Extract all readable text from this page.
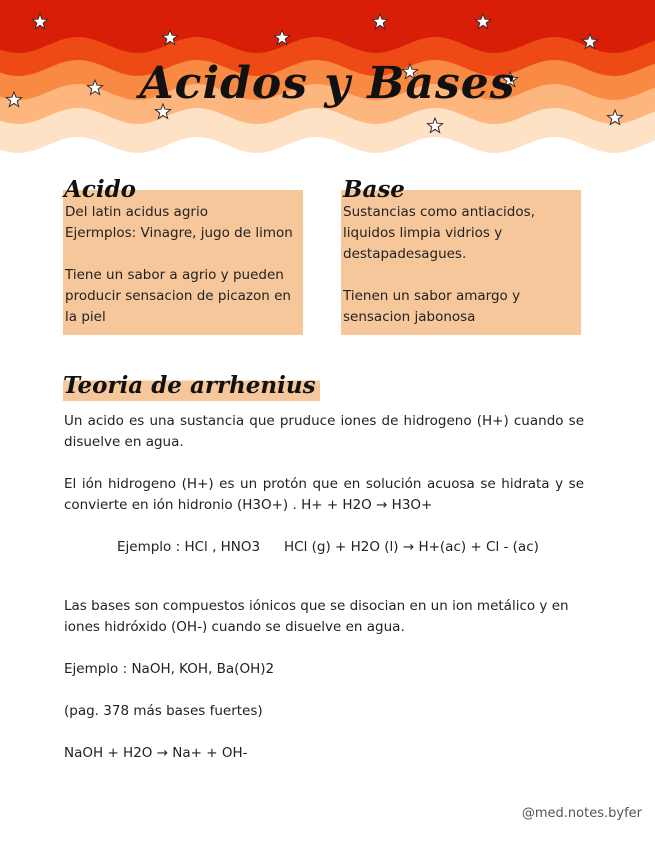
Acidos y Bases

Del latin acidus agrio

Ejermplos: Vinagre, jugo de limon

Tiene un sabor a agrio y pueden

producir sensacion de picazon en

la piel

Acido

Sustancias como antiacidos,

liquidos limpia vidrios y

destapadesagues.

Tienen un sabor amargo y

sensacion jabonosa

Base
Teoria de arrhenius

Un acido es una sustancia que pruduce iones de hidrogeno (H+) cuando se disuelve en agua.

El ión hidrogeno (H+) es un protón que en solución acuosa se hidrata y se convierte en ión hidronio (H3O+) . H+ + H2O → H3O+

Ejemplo : HCl , HNO3 HCl (g) + H2O (l) → H+(ac) + Cl - (ac)

Las bases son compuestos iónicos que se disocian en un ion metálico y en iones hidróxido (OH-) cuando se disuelve en agua.

Ejemplo : NaOH, KOH, Ba(OH)2

(pag. 378 más bases fuertes)

NaOH + H2O → Na+ + OH-

@med.notes.byfer
